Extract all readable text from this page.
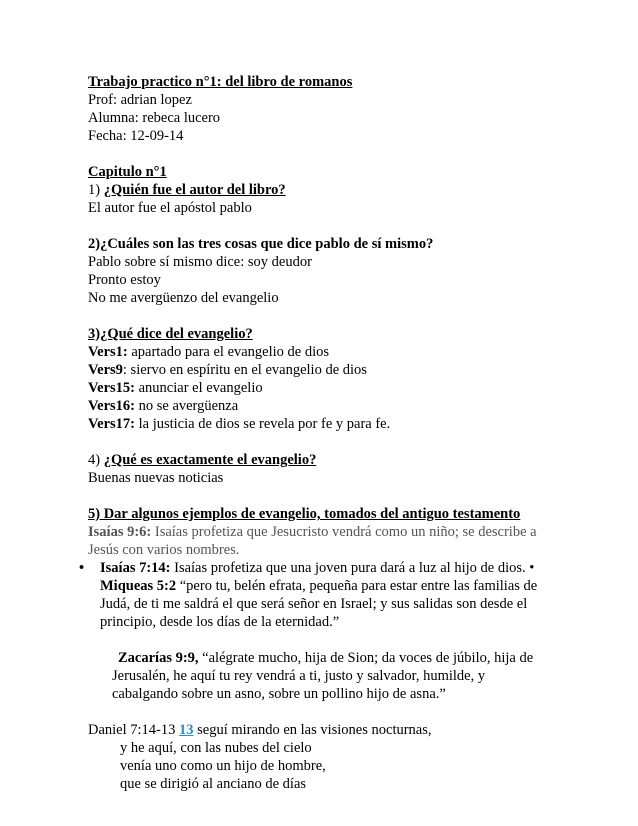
Trabajo practico n°1: del libro de romanos
Prof: adrian lopez
Alumna: rebeca lucero
Fecha: 12-09-14
Capitulo n°1
1) ¿Quién fue el autor del libro?
El autor fue el apóstol pablo
2)¿Cuáles son las tres cosas que dice pablo de sí mismo?
Pablo sobre sí mismo dice: soy deudor
Pronto estoy
No me avergüenzo del evangelio
3)¿Qué dice del evangelio?
Vers1: apartado para el evangelio de dios
Vers9: siervo en espíritu en el evangelio de dios
Vers15: anunciar el evangelio
Vers16: no se avergüenza
Vers17: la justicia de dios se revela por fe y para fe.
4) ¿Qué es exactamente el evangelio?
Buenas nuevas noticias
5) Dar algunos ejemplos de evangelio, tomados del antiguo testamento
Isaías 9:6: Isaías profetiza que Jesucristo vendrá como un niño; se describe a
Jesús con varios nombres.
• Isaías 7:14: Isaías profetiza que una joven pura dará a luz al hijo de dios. •
Miqueas 5:2 “pero tu, belén efrata, pequeña para estar entre las familias de
Judá, de ti me saldrá el que será señor en Israel; y sus salidas son desde el
principio, desde los días de la eternidad.”
Zacarías 9:9, “alégrate mucho, hija de Sion; da voces de júbilo, hija de
Jerusalén, he aquí tu rey vendrá a ti, justo y salvador, humilde, y
cabalgando sobre un asno, sobre un pollino hijo de asna.”
Daniel 7:14-13 13 seguí mirando en las visiones nocturnas,
y he aquí, con las nubes del cielo
venía uno como un hijo de hombre,
que se dirigió al anciano de días
